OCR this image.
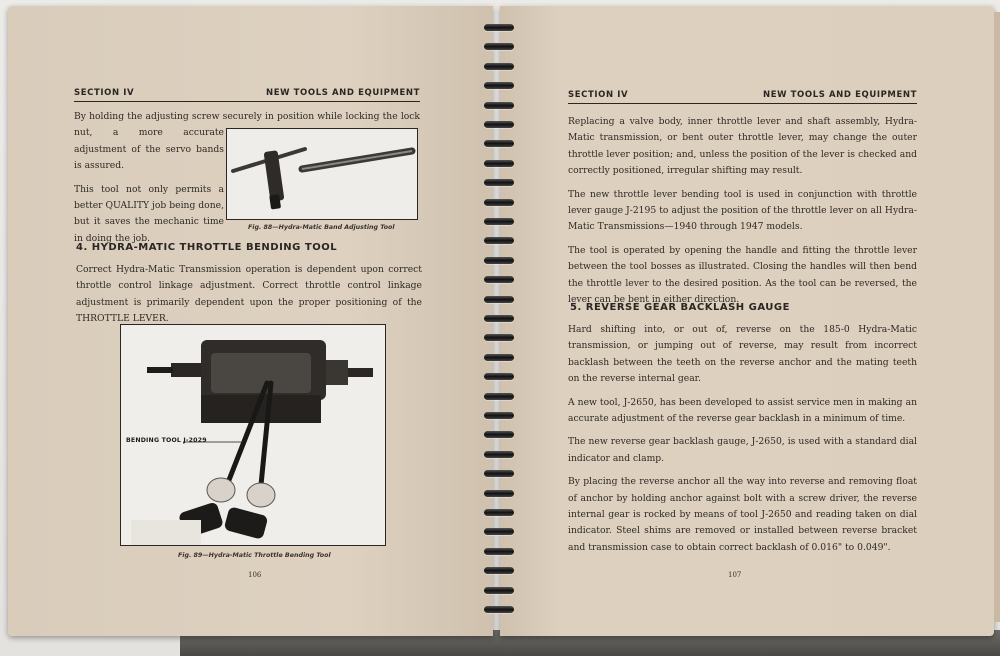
SECTION IV	NEW TOOLS AND EQUIPMENT
By holding the adjusting screw securely in position while locking the lock nut, a more accurate adjustment of the servo bands is assured.
This tool not only permits a better QUALITY job being done, but it saves the mechanic time in doing the job.
Fig. 88—Hydra-Matic Band Adjusting Tool
4. HYDRA-MATIC THROTTLE BENDING TOOL
Correct Hydra-Matic Transmission operation is dependent upon correct throttle control linkage adjustment. Correct throttle control linkage adjustment is primarily dependent upon the proper positioning of the THROTTLE LEVER.
BENDING TOOL J-2029
Fig. 89—Hydra-Matic Throttle Bending Tool
106
SECTION IV	NEW TOOLS AND EQUIPMENT

Replacing a valve body, inner throttle lever and shaft assembly, Hydra-Matic transmission, or bent outer throttle lever, may change the outer throttle lever position; and, unless the position of the lever is checked and correctly positioned, irregular shifting may result.

The new throttle lever bending tool is used in conjunction with throttle lever gauge J-2195 to adjust the position of the throttle lever on all Hydra-Matic Transmissions—1940 through 1947 models.

The tool is operated by opening the handle and fitting the throttle lever between the tool bosses as illustrated. Closing the handles will then bend the throttle lever to the desired position. As the tool can be reversed, the lever can be bent in either direction.

5. REVERSE GEAR BACKLASH GAUGE

Hard shifting into, or out of, reverse on the 185-0 Hydra-Matic transmission, or jumping out of reverse, may result from incorrect backlash between the teeth on the reverse anchor and the mating teeth on the reverse internal gear.

A new tool, J-2650, has been developed to assist service men in making an accurate adjustment of the reverse gear backlash in a minimum of time.

The new reverse gear backlash gauge, J-2650, is used with a standard dial indicator and clamp.

By placing the reverse anchor all the way into reverse and removing float of anchor by holding anchor against bolt with a screw driver, the reverse internal gear is rocked by means of tool J-2650 and reading taken on dial indicator. Steel shims are removed or installed between reverse bracket and transmission case to obtain correct backlash of 0.016" to 0.049".

107
